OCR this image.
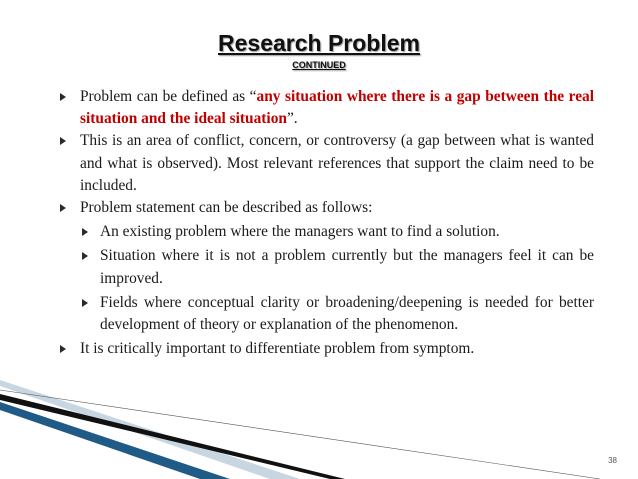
Research Problem
CONTINUED
Problem can be defined as “any situation where there is a gap between the real situation and the ideal situation”.
This is an area of conflict, concern, or controversy (a gap between what is wanted and what is observed). Most relevant references that support the claim need to be included.
Problem statement can be described as follows:
An existing problem where the managers want to find a solution.
Situation where it is not a problem currently but the managers feel it can be improved.
Fields where conceptual clarity or broadening/deepening is needed for better development of theory or explanation of the phenomenon.
It is critically important to differentiate problem from symptom.
38
